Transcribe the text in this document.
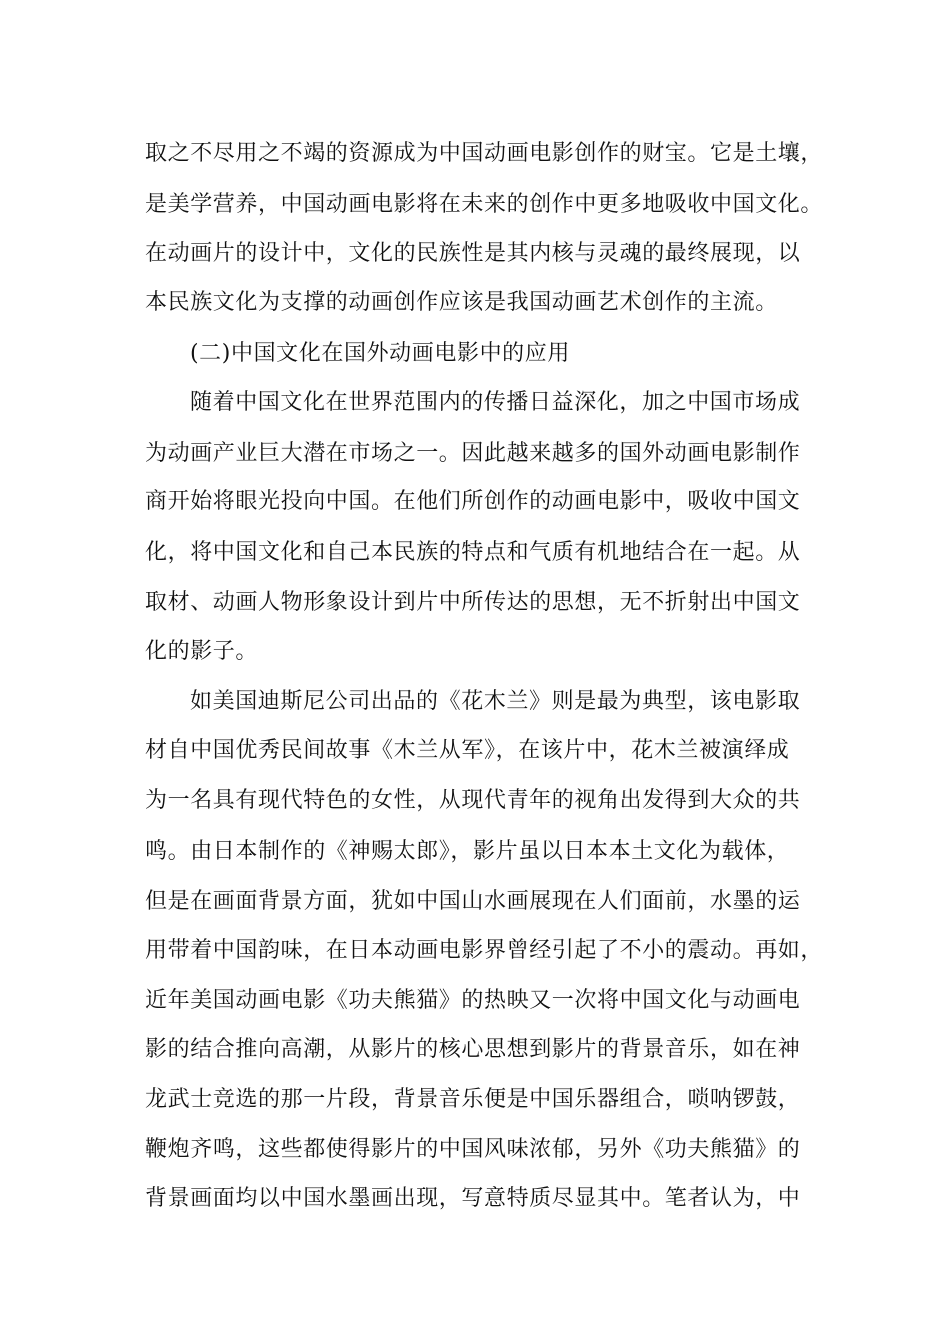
取之不尽用之不竭的资源成为中国动画电影创作的财宝。它是土壤，
是美学营养，中国动画电影将在未来的创作中更多地吸收中国文化。
在动画片的设计中，文化的民族性是其内核与灵魂的最终展现，以
本民族文化为支撑的动画创作应该是我国动画艺术创作的主流。
(二)中国文化在国外动画电影中的应用
随着中国文化在世界范围内的传播日益深化，加之中国市场成
为动画产业巨大潜在市场之一。因此越来越多的国外动画电影制作
商开始将眼光投向中国。在他们所创作的动画电影中，吸收中国文
化，将中国文化和自己本民族的特点和气质有机地结合在一起。从
取材、动画人物形象设计到片中所传达的思想，无不折射出中国文
化的影子。
如美国迪斯尼公司出品的《花木兰》则是最为典型，该电影取
材自中国优秀民间故事《木兰从军》，在该片中，花木兰被演绎成
为一名具有现代特色的女性，从现代青年的视角出发得到大众的共
鸣。由日本制作的《神赐太郎》，影片虽以日本本土文化为载体，
但是在画面背景方面，犹如中国山水画展现在人们面前，水墨的运
用带着中国韵味，在日本动画电影界曾经引起了不小的震动。再如，
近年美国动画电影《功夫熊猫》的热映又一次将中国文化与动画电
影的结合推向高潮，从影片的核心思想到影片的背景音乐，如在神
龙武士竞选的那一片段，背景音乐便是中国乐器组合，唢呐锣鼓，
鞭炮齐鸣，这些都使得影片的中国风味浓郁，另外《功夫熊猫》的
背景画面均以中国水墨画出现，写意特质尽显其中。笔者认为，中
